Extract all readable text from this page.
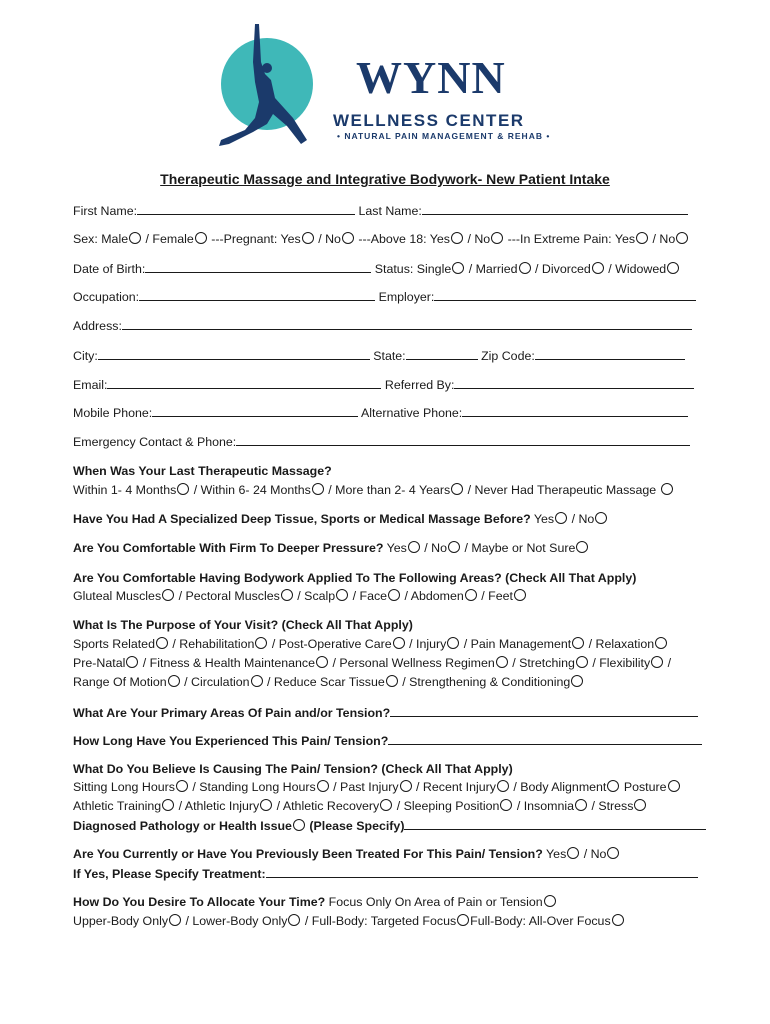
WYNN
WELLNESS CENTER
• NATURAL PAIN MANAGEMENT & REHAB •
Therapeutic Massage and Integrative Bodywork- New Patient Intake
First Name:	Last Name:
Sex: Male / Female ---Pregnant: Yes / No ---Above 18: Yes / No ---In Extreme Pain: Yes / No
Date of Birth:	Status: Single / Married / Divorced / Widowed
Occupation:	Employer:
Address:
City:	State:	Zip Code:
Email:	Referred By:
Mobile Phone:	Alternative Phone:
Emergency Contact & Phone:
When Was Your Last Therapeutic Massage?
Within 1- 4 Months / Within 6- 24 Months / More than 2- 4 Years / Never Had Therapeutic Massage
Have You Had A Specialized Deep Tissue, Sports or Medical Massage Before? Yes / No
Are You Comfortable With Firm To Deeper Pressure? Yes / No / Maybe or Not Sure
Are You Comfortable Having Bodywork Applied To The Following Areas? (Check All That Apply)
Gluteal Muscles / Pectoral Muscles / Scalp / Face / Abdomen / Feet
What Is The Purpose of Your Visit? (Check All That Apply)
Sports Related / Rehabilitation / Post-Operative Care / Injury / Pain Management / Relaxation
Pre-Natal / Fitness & Health Maintenance / Personal Wellness Regimen / Stretching / Flexibility /
Range Of Motion / Circulation / Reduce Scar Tissue / Strengthening & Conditioning
What Are Your Primary Areas Of Pain and/or Tension?
How Long Have You Experienced This Pain/ Tension?
What Do You Believe Is Causing The Pain/ Tension? (Check All That Apply)
Sitting Long Hours / Standing Long Hours / Past Injury / Recent Injury / Body Alignment Posture
Athletic Training / Athletic Injury / Athletic Recovery / Sleeping Position / Insomnia / Stress
Diagnosed Pathology or Health Issue (Please Specify)
Are You Currently or Have You Previously Been Treated For This Pain/ Tension? Yes / No
If Yes, Please Specify Treatment:
How Do You Desire To Allocate Your Time? Focus Only On Area of Pain or Tension
Upper-Body Only / Lower-Body Only / Full-Body: Targeted Focus Full-Body: All-Over Focus
